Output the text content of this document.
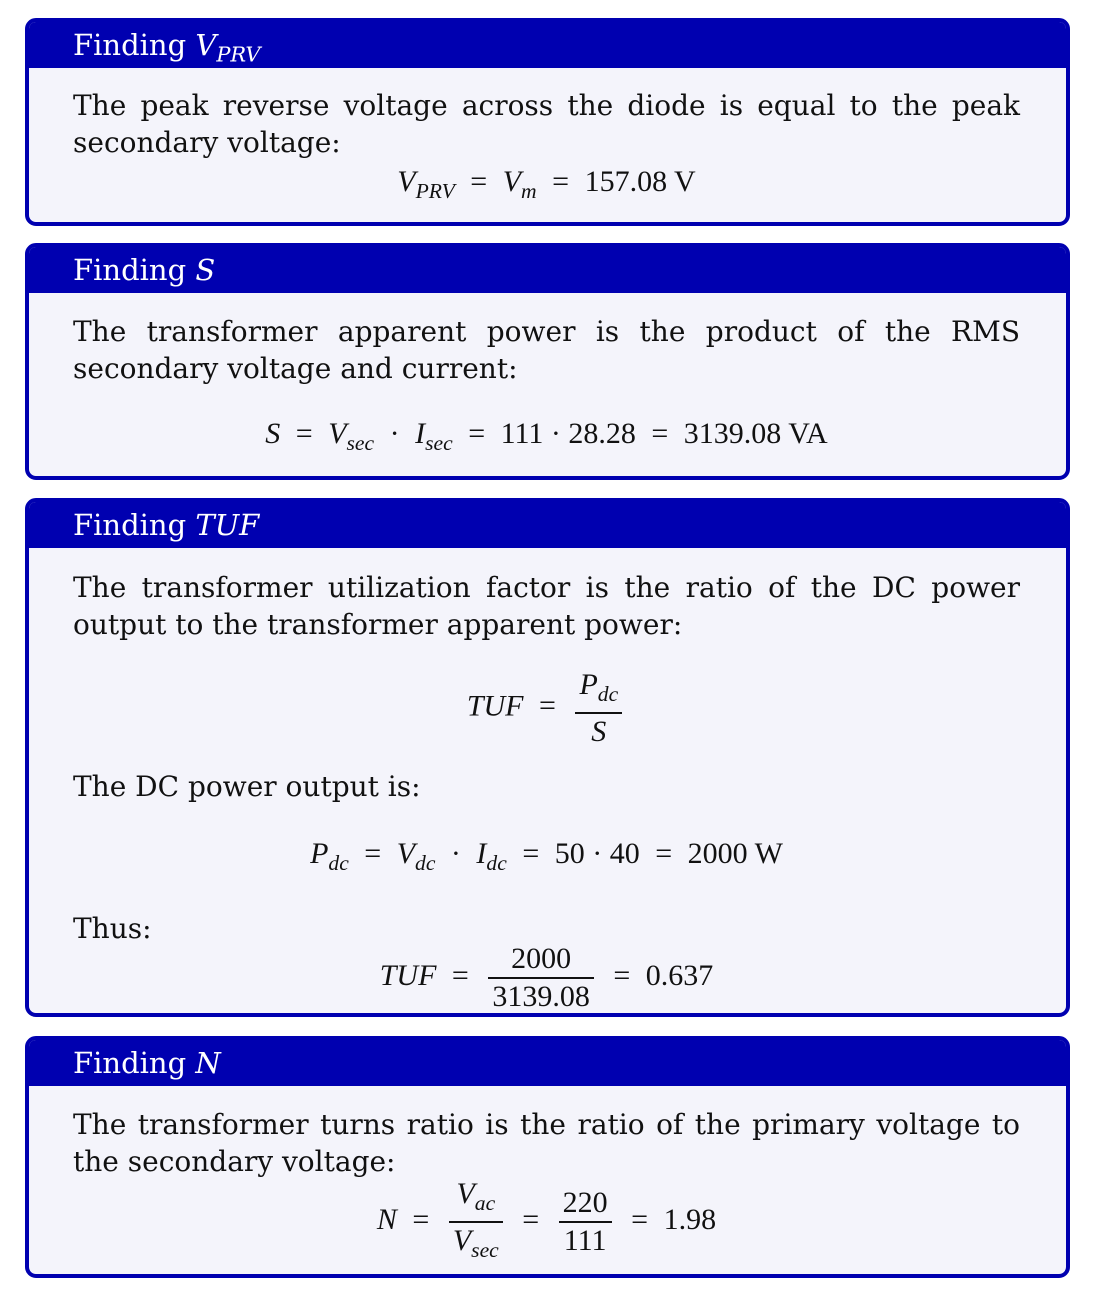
Finding $V_{PRV}$
The peak reverse voltage across the diode is equal to the peak secondary voltage:
$V_{PRV} = V_m = 157.08$ V
Finding S
The transformer apparent power is the product of the RMS secondary voltage and current:
$S = V_{sec} \cdot I_{sec} = 111 \cdot 28.28 = 3139.08$ VA
Finding TUF
The transformer utilization factor is the ratio of the DC power output to the transformer apparent power:
TUF = $\frac{P_{dc}}{S}$
The DC power output is:
$P_{dc} = V_{dc} \cdot I_{dc} = 50 \cdot 40 = 2000$ W
Thus:
TUF = $\frac{2000}{3139.08} = 0.637$
Finding N
The transformer turns ratio is the ratio of the primary voltage to the secondary voltage:
$N = \frac{V_{ac}}{V_{sec}} = \frac{220}{111} = 1.98$
